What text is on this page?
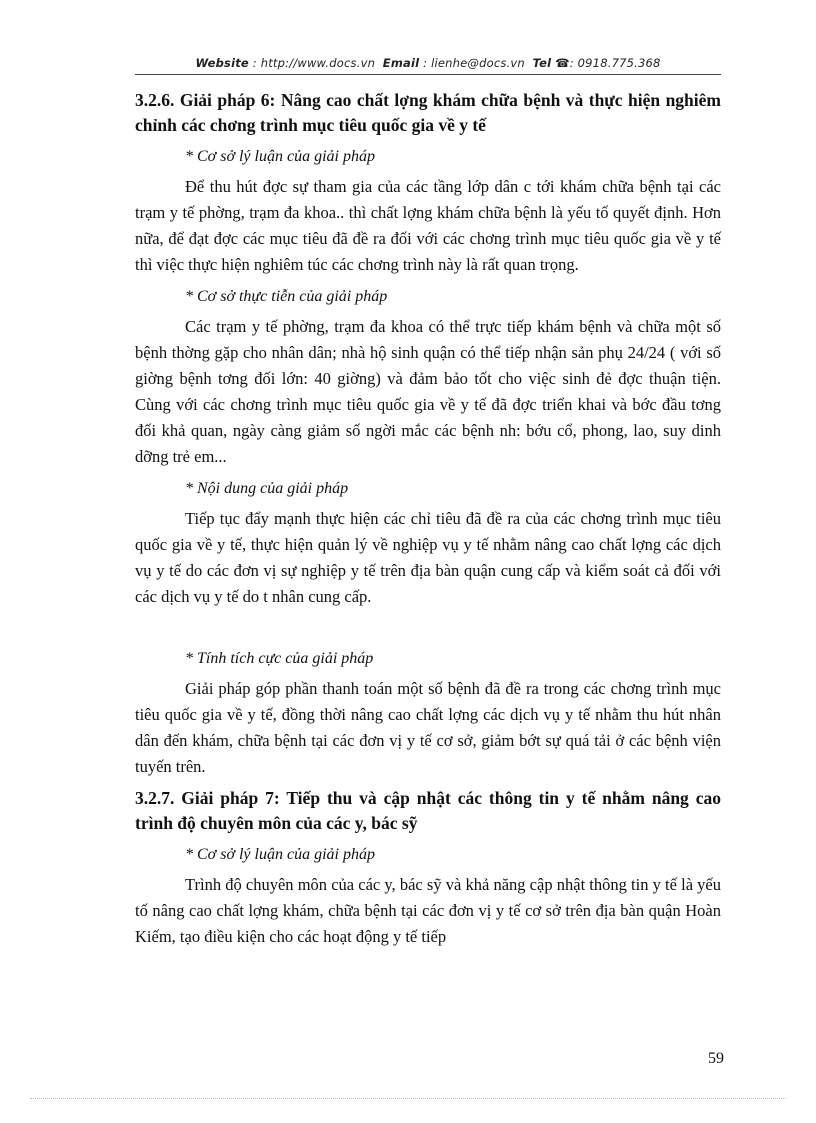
Website : http://www.docs.vn Email : lienhe@docs.vn Tel ☎: 0918.775.368
3.2.6. Giải pháp 6: Nâng cao chất lợng khám chữa bệnh và thực hiện nghiêm chỉnh các chơng trình mục tiêu quốc gia về y tế
* Cơ sở lý luận của giải pháp
Để thu hút đợc sự tham gia của các tầng lớp dân c tới khám chữa bệnh tại các trạm y tế phờng, trạm đa khoa.. thì chất lợng khám chữa bệnh là yếu tố quyết định. Hơn nữa, để đạt đợc các mục tiêu đã đề ra đối với các chơng trình mục tiêu quốc gia về y tế thì việc thực hiện nghiêm túc các chơng trình này là rất quan trọng.
* Cơ sở thực tiễn của giải pháp
Các trạm y tế phờng, trạm đa khoa có thể trực tiếp khám bệnh và chữa một số bệnh thờng gặp cho nhân dân; nhà hộ sinh quận có thể tiếp nhận sản phụ 24/24 ( với số giờng bệnh tơng đối lớn: 40 giờng) và đảm bảo tốt cho việc sinh đẻ đợc thuận tiện. Cùng với các chơng trình mục tiêu quốc gia về y tế đã đợc triển khai và bớc đầu tơng đối khả quan, ngày càng giảm số ngời mắc các bệnh nh: bớu cổ, phong, lao, suy dinh dỡng trẻ em...
* Nội dung của giải pháp
Tiếp tục đẩy mạnh thực hiện các chỉ tiêu đã đề ra của các chơng trình mục tiêu quốc gia về y tế, thực hiện quản lý về nghiệp vụ y tế nhằm nâng cao chất lợng các dịch vụ y tế do các đơn vị sự nghiệp y tế trên địa bàn quận cung cấp và kiểm soát cả đối với các dịch vụ y tế do t nhân cung cấp.
* Tính tích cực của giải pháp
Giải pháp góp phần thanh toán một số bệnh đã đề ra trong các chơng trình mục tiêu quốc gia về y tế, đồng thời nâng cao chất lợng các dịch vụ y tế nhằm thu hút nhân dân đến khám, chữa bệnh tại các đơn vị y tế cơ sở, giảm bớt sự quá tải ở các bệnh viện tuyến trên.
3.2.7. Giải pháp 7: Tiếp thu và cập nhật các thông tin y tế nhằm nâng cao trình độ chuyên môn của các y, bác sỹ
* Cơ sở lý luận của giải pháp
Trình độ chuyên môn của các y, bác sỹ và khả năng cập nhật thông tin y tế là yếu tố nâng cao chất lợng khám, chữa bệnh tại các đơn vị y tế cơ sở trên địa bàn quận Hoàn Kiếm, tạo điều kiện cho các hoạt động y tế tiếp
59
